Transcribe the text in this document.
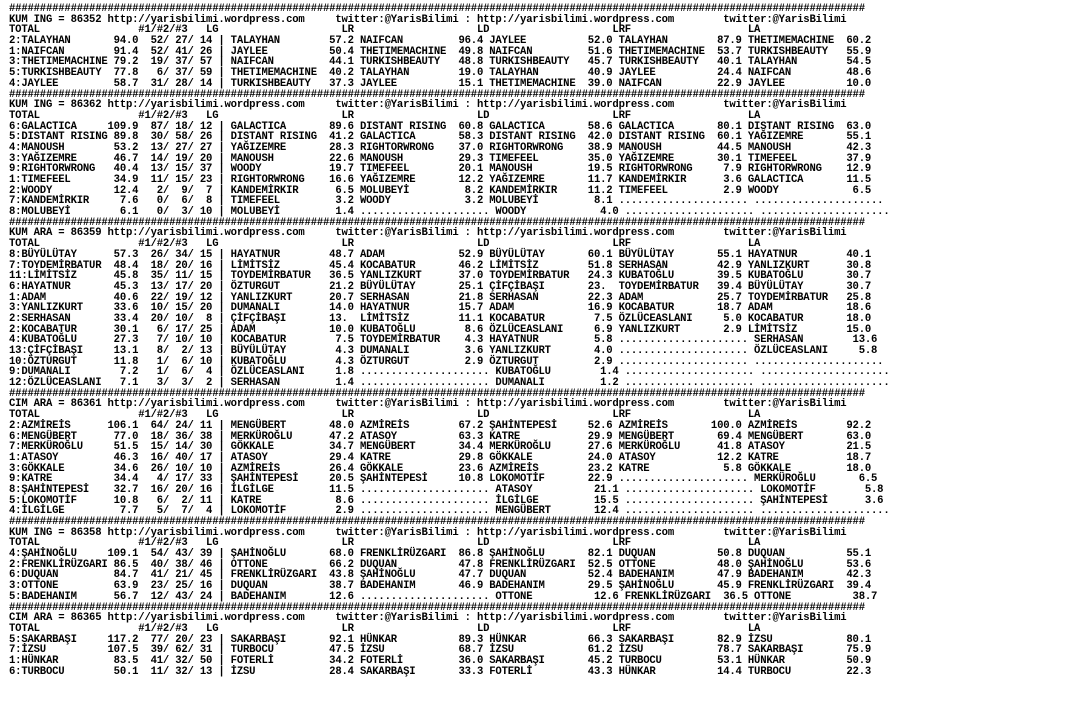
###########################################################################################################################################
KUM ING = 86352 http://yarisbilimi.wordpress.com     twitter:@YarisBilimi : http://yarisbilimi.wordpress.com        twitter:@YarisBilimi
TOTAL                #1/#2/#3   LG                    LR                    LD                    LRF                   LA
2:TALAYHAN       94.0  52/ 27/ 14 | TALAYHAN        57.2 NAIFCAN         96.4 JAYLEE          52.0 TALAYHAN        87.9 THETIMEMACHINE  60.2
1:NAIFCAN        91.4  52/ 41/ 26 | JAYLEE          50.4 THETIMEMACHINE  49.8 NAIFCAN         51.6 THETIMEMACHINE  53.7 TURKISHBEAUTY   55.9
3:THETIMEMACHINE 79.2  19/ 37/ 57 | NAIFCAN         44.1 TURKISHBEAUTY   48.8 TURKISHBEAUTY   45.7 TURKISHBEAUTY   40.1 TALAYHAN        54.5
5:TURKISHBEAUTY  77.8   6/ 37/ 59 | THETIMEMACHINE  40.2 TALAYHAN        19.0 TALAYHAN        40.9 JAYLEE          24.4 NAIFCAN         48.6
4:JAYLEE         58.7  31/ 28/ 14 | TURKISHBEAUTY   37.3 JAYLEE          15.1 THETIMEMACHINE  39.0 NAIFCAN         22.9 JAYLEE          10.0
###########################################################################################################################################
KUM ING = 86362 http://yarisbilimi.wordpress.com     twitter:@YarisBilimi : http://yarisbilimi.wordpress.com        twitter:@YarisBilimi
TOTAL                #1/#2/#3   LG                    LR                    LD                    LRF                   LA
6:GALACTICA     109.9  87/ 18/ 12 | GALACTICA       89.6 DISTANT RISING  60.8 GALACTICA       58.6 GALACTICA       80.1 DISTANT RISING  63.0
5:DISTANT RISING 89.8  30/ 58/ 26 | DISTANT RISING  41.2 GALACTICA       58.3 DISTANT RISING  42.0 DISTANT RISING  60.1 YAĞIZEMRE       55.1
4:MANOUSH        53.2  13/ 27/ 27 | YAĞIZEMRE       28.3 RIGHTORWRONG    37.0 RIGHTORWRONG    38.9 MANOUSH         44.5 MANOUSH         42.3
3:YAĞIZEMRE      46.7  14/ 19/ 20 | MANOUSH         22.6 MANOUSH         29.3 TIMEFEEL        35.0 YAĞIZEMRE       30.1 TIMEFEEL        37.9
9:RIGHTORWRONG   40.4  13/ 15/ 37 | WOODY           19.7 TIMEFEEL        20.1 MANOUSH         19.5 RIGHTORWRONG     7.9 RIGHTORWRONG    12.9
1:TIMEFEEL       34.9  11/ 15/ 23 | RIGHTORWRONG    16.6 YAĞIZEMRE       12.2 YAĞIZEMRE       11.7 KANDEMİRKIR      3.6 GALACTICA       11.5
2:WOODY          12.4   2/  9/  7 | KANDEMİRKIR      6.5 MOLUBEYİ         8.2 KANDEMİRKIR     11.2 TIMEFEEL         2.9 WOODY            6.5
7:KANDEMİRKIR     7.6   0/  6/  8 | TIMEFEEL         3.2 WOODY            3.2 MOLUBEYİ         8.1 ..................... .....................
8:MOLUBEYİ        6.1   0/  3/ 10 | MOLUBEYİ         1.4 ..................... WOODY            4.0 ..................... .....................
###########################################################################################################################################
KUM ARA = 86359 http://yarisbilimi.wordpress.com     twitter:@YarisBilimi : http://yarisbilimi.wordpress.com        twitter:@YarisBilimi
TOTAL                #1/#2/#3   LG                    LR                    LD                    LRF                   LA
8:BÜYÜLÜTAY      57.3  26/ 34/ 15 | HAYATNUR        48.7 ADAM            52.9 BÜYÜLÜTAY       60.1 BÜYÜLÜTAY       55.1 HAYATNUR        40.1
7:TOYDEMİRBATUR  48.4  18/ 20/ 16 | LİMİTSİZ        45.4 KOCABATUR       46.2 LİMİTSİZ        51.8 SERHASAN        42.9 YANLIZKURT      30.8
11:LİMİTSİZ      45.8  35/ 11/ 15 | TOYDEMİRBATUR   36.5 YANLIZKURT      37.0 TOYDEMİRBATUR   24.3 KUBATOĞLU       39.5 KUBATOĞLU       30.7
6:HAYATNUR       45.3  13/ 17/ 20 | ÖZTURGUT        21.2 BÜYÜLÜTAY       25.1 ÇİFÇİBAŞI       23.  TOYDEMİRBATUR   39.4 BÜYÜLÜTAY       30.7
1:ADAM           40.6  22/ 19/ 12 | YANLIZKURT      20.7 SERHASAN        21.8 SERHASAN        22.3 ADAM            25.7 TOYDEMİRBATUR   25.8
3:YANLIZKURT     33.6  10/ 15/ 20 | DUMANALI        14.0 HAYATNUR        15.7 ADAM            16.9 KOCABATUR       18.7 ADAM            18.6
2:SERHASAN       33.4  20/ 10/  8 | ÇİFÇİBAŞI       13.  LİMİTSİZ        11.1 KOCABATUR        7.5 ÖZLÜCEASLANI     5.0 KOCABATUR       18.0
2:KOCABATUR      30.1   6/ 17/ 25 | ADAM            10.0 KUBATOĞLU        8.6 ÖZLÜCEASLANI     6.9 YANLIZKURT       2.9 LİMİTSİZ        15.0
4:KUBATOĞLU      27.3   7/ 10/ 10 | KOCABATUR        7.5 TOYDEMİRBATUR    4.3 HAYATNUR         5.8 ..................... SERHASAN        13.6
13:ÇİFÇİBAŞI     13.1   8/  2/ 13 | BÜYÜLÜTAY        4.3 DUMANALI         3.6 YANLIZKURT       4.0 ..................... ÖZLÜCEASLANI     5.8
10:ÖZTURGUT      11.8   1/  6/ 10 | KUBATOĞLU        4.3 ÖZTURGUT         2.9 ÖZTURGUT         2.9 ..................... .....................
9:DUMANALI        7.2   1/  6/  4 | ÖZLÜCEASLANI     1.8 ..................... KUBATOĞLU        1.4 ..................... .....................
12:ÖZLÜCEASLANI   7.1   3/  3/  2 | SERHASAN         1.4 ..................... DUMANALI         1.2 ..................... .....................
###########################################################################################################################################
CIM ARA = 86361 http://yarisbilimi.wordpress.com     twitter:@YarisBilimi : http://yarisbilimi.wordpress.com        twitter:@YarisBilimi
TOTAL                #1/#2/#3   LG                    LR                    LD                    LRF                   LA
2:AZMİREİS      106.1  64/ 24/ 11 | MENGÜBERT       48.0 AZMİREİS        67.2 ŞAHİNTEPESİ     52.6 AZMİREİS       100.0 AZMİREİS        92.2
6:MENGÜBERT      77.0  18/ 36/ 38 | MERKÜROĞLU      47.2 ATASOY          63.3 KATRE           29.9 MENGÜBERT       69.4 MENGÜBERT       63.0
7:MERKÜROĞLU     51.5  15/ 14/ 30 | GÖKKALE         34.7 MENGÜBERT       34.4 MERKÜROĞLU      27.6 MERKÜROĞLU      41.8 ATASOY          21.5
1:ATASOY         46.3  16/ 40/ 17 | ATASOY          29.4 KATRE           29.8 GÖKKALE         24.0 ATASOY          12.2 KATRE           18.7
3:GÖKKALE        34.6  26/ 10/ 10 | AZMİREİS        26.4 GÖKKALE         23.6 AZMİREİS        23.2 KATRE            5.8 GÖKKALE         18.0
9:KATRE          34.4   4/ 17/ 33 | ŞAHİNTEPESİ     20.5 ŞAHİNTEPESİ     10.8 LOKOMOTİF       22.9 ..................... MERKÜROĞLU       6.5
8:ŞAHİNTEPESİ    32.7  16/ 20/ 16 | İLGİLGE         11.5 ..................... ATASOY          21.1 ..................... LOKOMOTİF        5.8
5:LOKOMOTİF      10.8   6/  2/ 11 | KATRE            8.6 ..................... İLGİLGE         15.5 ..................... ŞAHİNTEPESİ      3.6
4:İLGİLGE         7.7   5/  7/  4 | LOKOMOTİF        2.9 ..................... MENGÜBERT       12.4 ..................... .....................
###########################################################################################################################################
KUM ING = 86358 http://yarisbilimi.wordpress.com     twitter:@YarisBilimi : http://yarisbilimi.wordpress.com        twitter:@YarisBilimi
TOTAL                #1/#2/#3   LG                    LR                    LD                    LRF                   LA
4:ŞAHİNOĞLU     109.1  54/ 43/ 39 | ŞAHİNOĞLU       68.0 FRENKLİRÜZGARI  86.8 ŞAHİNOĞLU       82.1 DUQUAN          50.8 DUQUAN          55.1
2:FRENKLİRÜZGARI 86.5  40/ 38/ 46 | OTTONE          66.2 DUQUAN          47.8 FRENKLİRÜZGARI  52.5 OTTONE          48.0 ŞAHİNOĞLU       53.6
6:DUQUAN         84.7  41/ 21/ 45 | FRENKLİRÜZGARI  43.8 ŞAHİNOĞLU       47.7 DUQUAN          52.4 BADEHANIM       47.9 BADEHANIM       42.3
3:OTTONE         63.9  23/ 25/ 16 | DUQUAN          38.7 BADEHANIM       46.9 BADEHANIM       29.5 ŞAHİNOĞLU       45.9 FRENKLİRÜZGARI  39.4
5:BADEHANIM      56.7  12/ 43/ 24 | BADEHANIM       12.6 ..................... OTTONE          12.6 FRENKLİRÜZGARI  36.5 OTTONE          38.7
###########################################################################################################################################
CIM ARA = 86365 http://yarisbilimi.wordpress.com     twitter:@YarisBilimi : http://yarisbilimi.wordpress.com        twitter:@YarisBilimi
TOTAL                #1/#2/#3   LG                    LR                    LD                    LRF                   LA
5:SAKARBAŞI     117.2  77/ 20/ 23 | SAKARBAŞI       92.1 HÜNKAR          89.3 HÜNKAR          66.3 SAKARBAŞI       82.9 İZSU            80.1
7:İZSU          107.5  39/ 62/ 31 | TURBOCU         47.5 İZSU            68.7 İZSU            61.2 İZSU            78.7 SAKARBAŞI       75.9
1:HÜNKAR         83.5  41/ 32/ 50 | FOTERLİ         34.2 FOTERLİ         36.0 SAKARBAŞI       45.2 TURBOCU         53.1 HÜNKAR          50.9
6:TURBOCU        50.1  11/ 32/ 13 | İZSU            28.4 SAKARBAŞI       33.3 FOTERLİ         43.3 HÜNKAR          14.4 TURBOCU         22.3
